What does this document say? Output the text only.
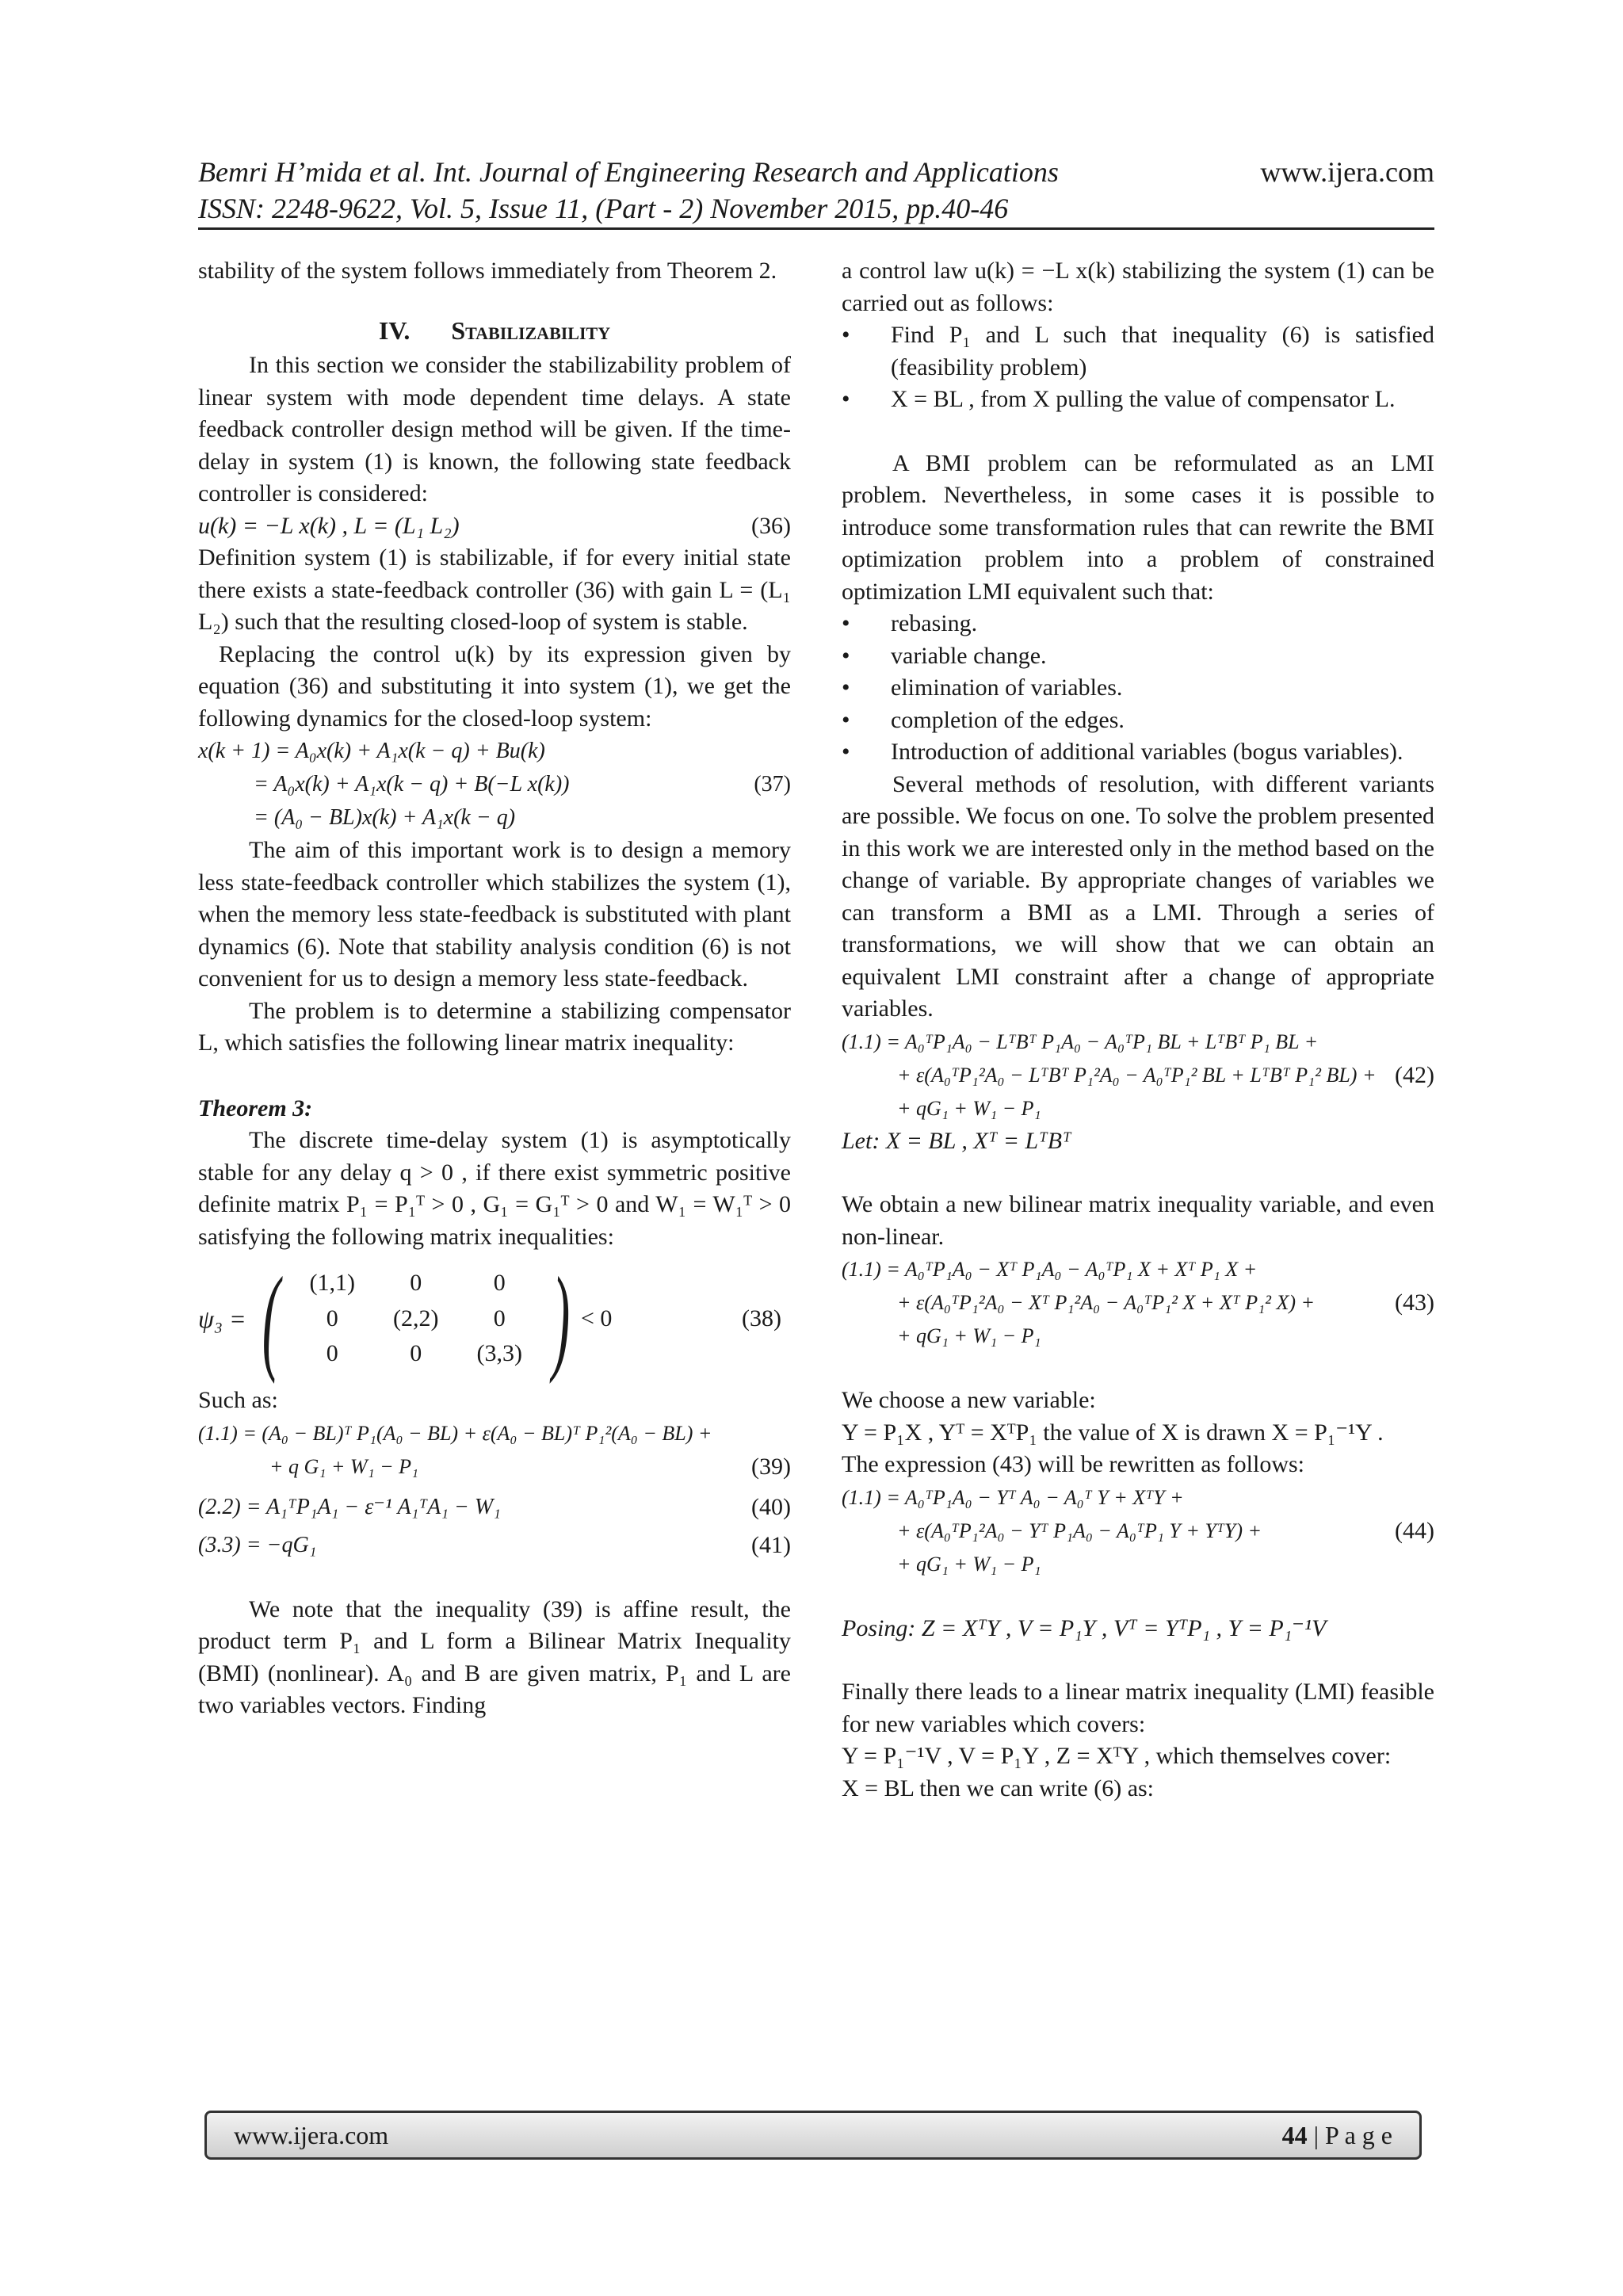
Bemri H’mida et al. Int. Journal of Engineering Research and Applications	www.ijera.com
ISSN: 2248-9622, Vol. 5, Issue 11, (Part - 2) November 2015, pp.40-46

stability of the system follows immediately from Theorem 2.

IV. Stabilizability

In this section we consider the stabilizability problem of linear system with mode dependent time delays. A state feedback controller design method will be given. If the time-delay in system (1) is known, the following state feedback controller is considered:

u(k) = −L x(k) , L = (L₁ L₂)	(36)

Definition system (1) is stabilizable, if for every initial state there exists a state-feedback controller (36) with gain L = (L₁ L₂) such that the resulting closed-loop of system is stable.

Replacing the control u(k) by its expression given by equation (36) and substituting it into system (1), we get the following dynamics for the closed-loop system:

x(k + 1) = A₀x(k) + A₁x(k − q) + Bu(k)
= A₀x(k) + A₁x(k − q) + B(−L x(k))	(37)
= (A₀ − BL)x(k) + A₁x(k − q)

The aim of this important work is to design a memory less state-feedback controller which stabilizes the system (1), when the memory less state-feedback is substituted with plant dynamics (6). Note that stability analysis condition (6) is not convenient for us to design a memory less state-feedback.

The problem is to determine a stabilizing compensator L, which satisfies the following linear matrix inequality:

Theorem 3:

The discrete time-delay system (1) is asymptotically stable for any delay q > 0 , if there exist symmetric positive definite matrix P₁ = P₁ᵀ > 0 , G₁ = G₁ᵀ > 0 and W₁ = W₁ᵀ > 0 satisfying the following matrix inequalities:

ψ₃ = ( (1,1)	0	0
0	(2,2)	0
0	0	(3,3) ) < 0	(38)
Such as:
(1.1) = (A₀ − BL)ᵀ P₁(A₀ − BL) + ε(A₀ − BL)ᵀ P₁²(A₀ − BL) +
+ q G₁ + W₁ − P₁	(39)
(2.2) = A₁ᵀP₁A₁ − ε⁻¹ A₁ᵀA₁ − W₁	(40)
(3.3) = −qG₁	(41)

We note that the inequality (39) is affine result, the product term P₁ and L form a Bilinear Matrix Inequality (BMI) (nonlinear). A₀ and B are given matrix, P₁ and L are two variables vectors. Finding

a control law u(k) = −L x(k) stabilizing the system (1) can be carried out as follows:

•	Find P₁ and L such that inequality (6) is satisfied (feasibility problem)
•	X = BL , from X pulling the value of compensator L.

A BMI problem can be reformulated as an LMI problem. Nevertheless, in some cases it is possible to introduce some transformation rules that can rewrite the BMI optimization problem into a problem of constrained optimization LMI equivalent such that:

•	rebasing.
•	variable change.
•	elimination of variables.
•	completion of the edges.
•	Introduction of additional variables (bogus variables).

Several methods of resolution, with different variants are possible. We focus on one. To solve the problem presented in this work we are interested only in the method based on the change of variable. By appropriate changes of variables we can transform a BMI as a LMI. Through a series of transformations, we will show that we can obtain an equivalent LMI constraint after a change of appropriate variables.

(1.1) = A₀ᵀP₁A₀ − LᵀBᵀ P₁A₀ − A₀ᵀP₁ BL + LᵀBᵀ P₁ BL +
+ ε(A₀ᵀP₁²A₀ − LᵀBᵀ P₁²A₀ − A₀ᵀP₁² BL + LᵀBᵀ P₁² BL) + (42)
+ qG₁ + W₁ − P₁
Let: X = BL , Xᵀ = LᵀBᵀ

We obtain a new bilinear matrix inequality variable, and even non-linear.

(1.1) = A₀ᵀP₁A₀ − Xᵀ P₁A₀ − A₀ᵀP₁ X + Xᵀ P₁ X +
+ ε(A₀ᵀP₁²A₀ − Xᵀ P₁²A₀ − A₀ᵀP₁² X + Xᵀ P₁² X) +	(43)
+ qG₁ + W₁ − P₁

We choose a new variable:

Y = P₁X , Yᵀ = XᵀP₁ the value of X is drawn X = P₁⁻¹Y .

The expression (43) will be rewritten as follows:

(1.1) = A₀ᵀP₁A₀ − Yᵀ A₀ − A₀ᵀ Y + XᵀY +
+ ε(A₀ᵀP₁²A₀ − Yᵀ P₁A₀ − A₀ᵀP₁ Y + YᵀY) +	(44)
+ qG₁ + W₁ − P₁
Posing: Z = XᵀY , V = P₁Y , Vᵀ = YᵀP₁ , Y = P₁⁻¹V

Finally there leads to a linear matrix inequality (LMI) feasible for new variables which covers:

Y = P₁⁻¹V , V = P₁Y , Z = XᵀY , which themselves cover:

X = BL then we can write (6) as:

www.ijera.com	44 | P a g e
